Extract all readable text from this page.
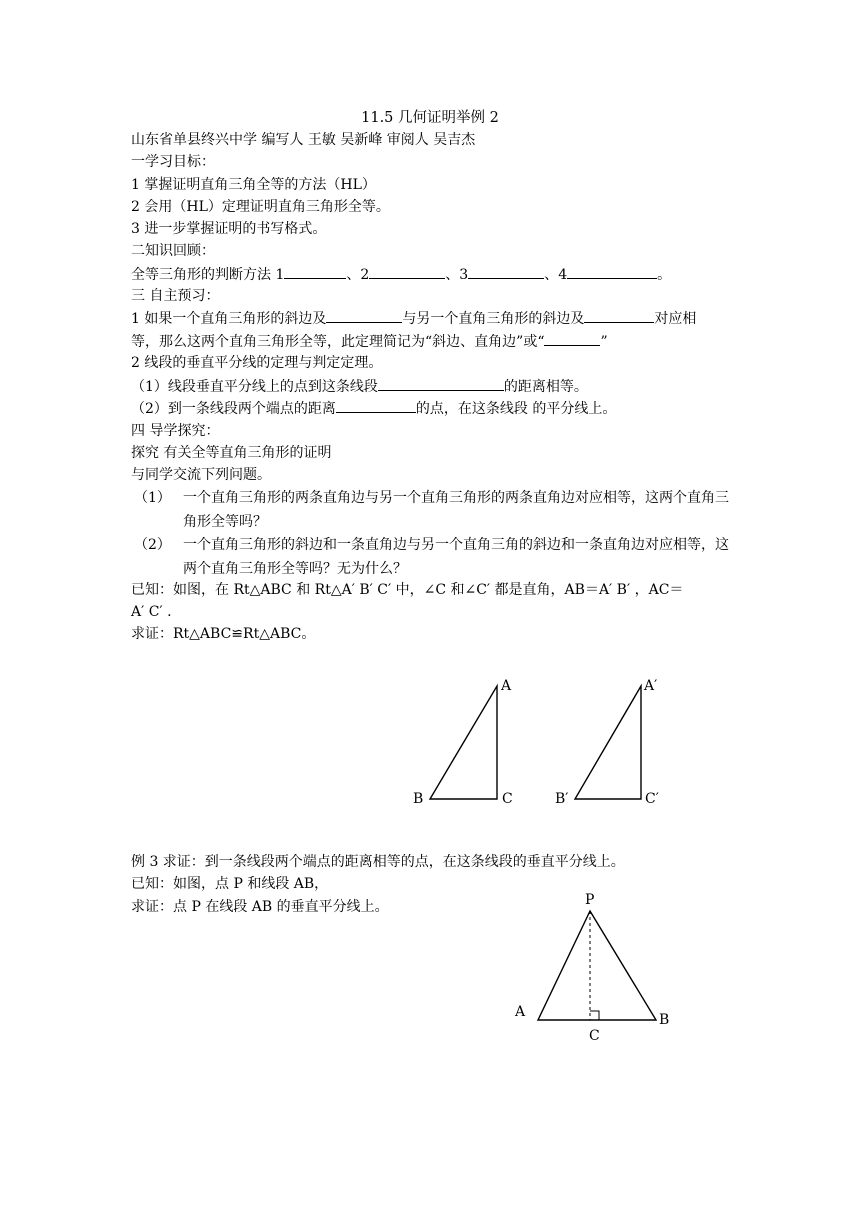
11.5 几何证明举例 2
山东省单县终兴中学 编写人 王敏 吴新峰 审阅人 吴吉杰
一学习目标：
1 掌握证明直角三角全等的方法（HL）
2 会用（HL）定理证明直角三角形全等。
3 进一步掌握证明的书写格式。
二知识回顾：
全等三角形的判断方法 1	、2	、3	、4	。
三 自主预习：
1 如果一个直角三角形的斜边及	与另一个直角三角形的斜边及	对应相
等，那么这两个直角三角形全等，此定理简记为“斜边、直角边”或“	”
2 线段的垂直平分线的定理与判定定理。
（1）线段垂直平分线上的点到这条线段	的距离相等。
（2）到一条线段两个端点的距离	的点，在这条线段 的平分线上。
四 导学探究：
探究 有关全等直角三角形的证明
与同学交流下列问题。
（1） 一个直角三角形的两条直角边与另一个直角三角形的两条直角边对应相等，这两个直角三角形全等吗？
（2） 一个直角三角形的斜边和一条直角边与另一个直角三角的斜边和一条直角边对应相等，这两个直角三角形全等吗？无为什么？
已知：如图，在 Rt△ABC 和 Rt△A′ B′ C′ 中，∠C 和∠C′ 都是直角，AB＝A′ B′ ，AC＝
A′ C′ .
求证：Rt△ABC≌Rt△ABC。
A
B	C
A′
B′	C′
P
A	B
C
例 3 求证：到一条线段两个端点的距离相等的点，在这条线段的垂直平分线上。
已知：如图，点 P 和线段 AB，
求证：点 P 在线段 AB 的垂直平分线上。
